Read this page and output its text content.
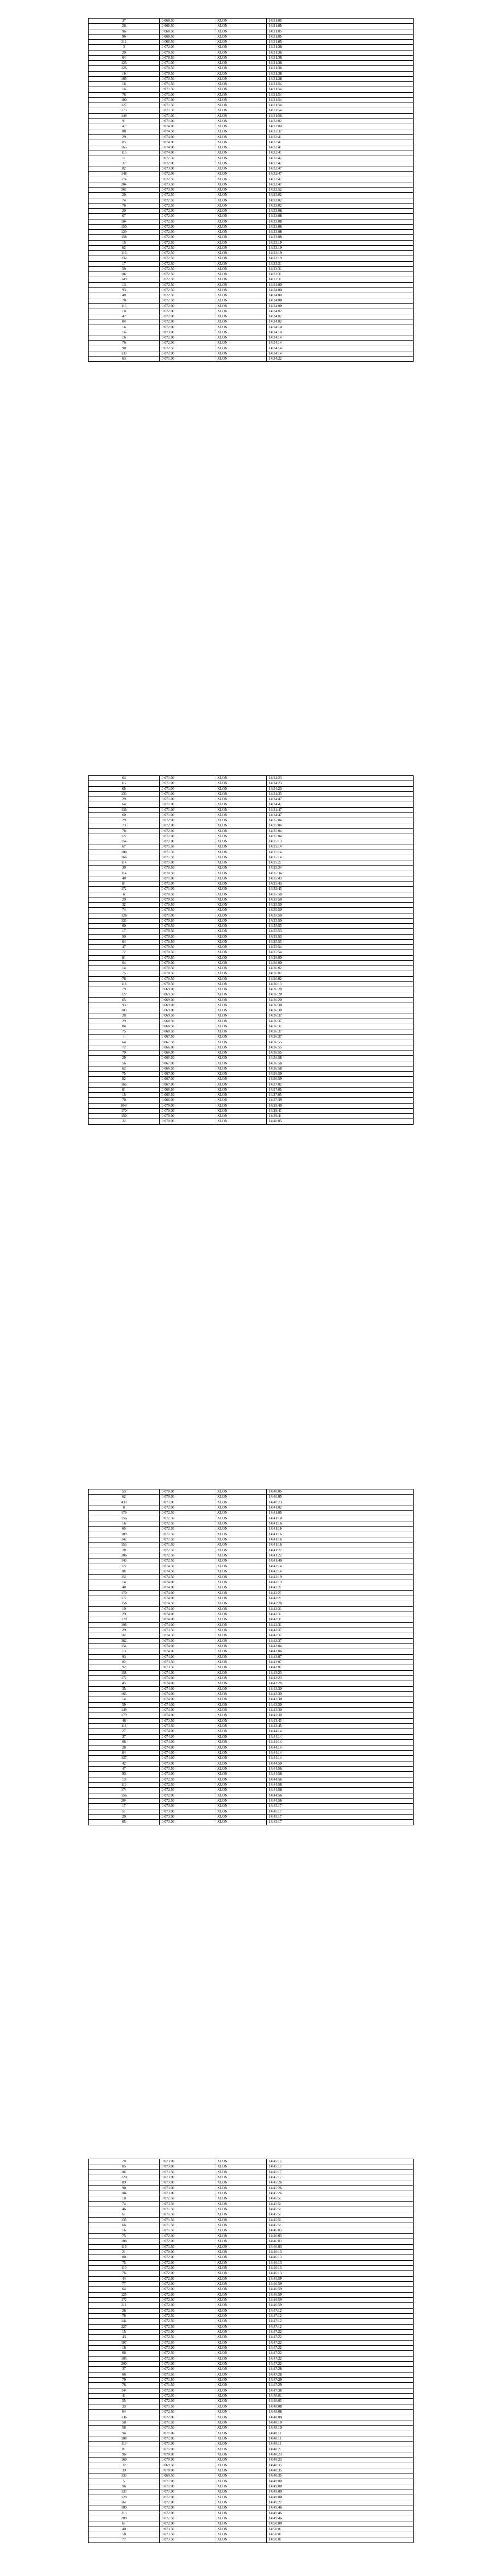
37	0.068.50	XLON	14:31:05
28	0.068.50	XLON	14:31:05
96	0.068.50	XLON	14:31:05
96	0.068.50	XLON	14:31:05
211	0.068.50	XLON	14:31:05
3	0.072.00	XLON	14:31:36
29	0.070.50	XLON	14:31:36
64	0.070.50	XLON	14:31:36
125	0.071.00	XLON	14:31:36
126	0.070.50	XLON	14:31:36
16	0.070.50	XLON	14:31:38
105	0.070.50	XLON	14:31:38
16	0.071.50	XLON	14:31:54
16	0.071.50	XLON	14:31:54
76	0.071.00	XLON	14:31:54
100	0.071.00	XLON	14:31:54
127	0.071.50	XLON	14:31:54
173	0.071.50	XLON	14:31:54
149	0.071.00	XLON	14:31:56
91	0.071.00	XLON	14:32:02
47	0.074.00	XLON	14:32:00
88	0.074.50	XLON	14:32:37
29	0.074.00	XLON	14:32:41
85	0.074.00	XLON	14:32:41
163	0.074.00	XLON	14:32:41
113	0.074.00	XLON	14:32:41
11	0.072.50	XLON	14:32:47
37	0.072.00	XLON	14:32:47
82	0.073.00	XLON	14:32:47
148	0.072.00	XLON	14:32:47
174	0.072.50	XLON	14:32:47
204	0.073.50	XLON	14:32:47
361	0.073.00	XLON	14:32:52
29	0.072.50	XLON	14:33:02
74	0.072.50	XLON	14:33:02
76	0.072.50	XLON	14:33:02
29	0.072.00	XLON	14:33:08
67	0.072.00	XLON	14:33:08
104	0.072.50	XLON	14:33:08
150	0.072.00	XLON	14:33:08
129	0.072.00	XLON	14:33:08
158	0.072.00	XLON	14:33:08
15	0.072.50	XLON	14:33:19
62	0.072.50	XLON	14:33:19
116	0.072.50	XLON	14:33:19
132	0.072.50	XLON	14:33:19
17	0.072.50	XLON	14:33:31
59	0.072.50	XLON	14:33:31
102	0.072.50	XLON	14:33:31
149	0.072.50	XLON	14:33:31
13	0.072.50	XLON	14:34:00
93	0.072.50	XLON	14:34:00
48	0.072.50	XLON	14:34:00
70	0.072.50	XLON	14:34:00
113	0.072.00	XLON	14:34:00
18	0.072.00	XLON	14:34:02
47	0.072.00	XLON	14:34:02
84	0.072.00	XLON	14:34:02
16	0.072.00	XLON	14:34:10
16	0.073.00	XLON	14:34:10
16	0.072.00	XLON	14:34:14
76	0.072.00	XLON	14:34:14
90	0.072.50	XLON	14:34:14
133	0.072.00	XLON	14:34:14
63	0.071.00	XLON	14:34:22
64	0.071.00	XLON	14:34:23
112	0.071.00	XLON	14:34:23
65	0.071.00	XLON	14:34:23
133	0.071.00	XLON	14:34:33
29	0.071.00	XLON	14:34:47
64	0.071.00	XLON	14:34:47
136	0.071.00	XLON	14:34:47
60	0.071.00	XLON	14:34:47
29	0.072.00	XLON	14:35:04
73	0.072.00	XLON	14:35:04
78	0.072.00	XLON	14:35:04
122	0.072.00	XLON	14:35:04
154	0.072.00	XLON	14:35:13
67	0.071.50	XLON	14:35:14
108	0.071.50	XLON	14:35:14
166	0.071.50	XLON	14:35:14
114	0.071.00	XLON	14:35:21
30	0.070.50	XLON	14:35:34
114	0.070.50	XLON	14:35:34
40	0.071.00	XLON	14:35:43
81	0.071.00	XLON	14:35:43
172	0.071.00	XLON	14:35:43
6	0.070.50	XLON	14:35:50
29	0.070.50	XLON	14:35:50
32	0.070.50	XLON	14:35:50
74	0.070.50	XLON	14:35:50
126	0.071.00	XLON	14:35:50
133	0.070.50	XLON	14:35:50
60	0.070.50	XLON	14:35:53
17	0.070.50	XLON	14:35:53
50	0.070.50	XLON	14:35:53
64	0.070.50	XLON	14:35:53
47	0.070.50	XLON	14:35:54
72	0.070.50	XLON	14:35:54
81	0.070.50	XLON	14:36:00
64	0.070.00	XLON	14:36:00
14	0.070.50	XLON	14:36:02
75	0.070.50	XLON	14:36:02
76	0.070.50	XLON	14:36:02
118	0.070.50	XLON	14:36:13
79	0.069.00	XLON	14:36:20
122	0.069.50	XLON	14:36:20
65	0.069.00	XLON	14:36:20
93	0.069.00	XLON	14:36:30
103	0.069.00	XLON	14:36:30
28	0.069.50	XLON	14:36:37
29	0.068.50	XLON	14:36:37
84	0.068.50	XLON	14:36:37
75	0.068.50	XLON	14:36:37
1	0.067.50	XLON	14:36:37
64	0.067.50	XLON	14:36:55
72	0.066.00	XLON	14:36:55
79	0.066.00	XLON	14:36:55
29	0.066.50	XLON	14:36:58
56	0.067.00	XLON	14:36:58
62	0.066.50	XLON	14:36:58
75	0.067.00	XLON	14:36:59
82	0.067.00	XLON	14:36:59
165	0.067.00	XLON	14:37:02
81	0.066.50	XLON	14:37:05
15	0.066.50	XLON	14:37:05
70	0.066.00	XLON	14:37:39
1044	0.070.00	XLON	14:39:40
170	0.070.00	XLON	14:39:41
150	0.070.00	XLON	14:39:41
32	0.070.00	XLON	14:40:05
53	0.070.00	XLON	14:40:05
62	0.070.00	XLON	14:40:05
433	0.071.00	XLON	14:40:23
8	0.072.00	XLON	14:41:02
179	0.072.50	XLON	14:41:05
156	0.072.50	XLON	14:41:10
16	0.072.50	XLON	14:41:16
65	0.072.50	XLON	14:41:16
109	0.071.50	XLON	14:41:16
142	0.071.50	XLON	14:41:16
153	0.071.50	XLON	14:41:16
28	0.072.50	XLON	14:41:22
206	0.072.50	XLON	14:41:22
143	0.072.50	XLON	14:41:40
122	0.074.50	XLON	14:42:14
101	0.074.50	XLON	14:42:14
151	0.074.50	XLON	14:42:19
14	0.074.00	XLON	14:42:19
40	0.074.00	XLON	14:42:21
170	0.074.00	XLON	14:42:21
172	0.074.00	XLON	14:42:21
358	0.074.50	XLON	14:42:28
19	0.074.00	XLON	14:42:31
29	0.074.00	XLON	14:42:31
178	0.074.00	XLON	14:42:31
196	0.074.00	XLON	14:42:31
29	0.073.50	XLON	14:42:37
161	0.074.50	XLON	14:42:37
362	0.073.00	XLON	14:42:37
154	0.074.00	XLON	14:43:04
13	0.074.00	XLON	14:43:06
93	0.074.00	XLON	14:43:07
82	0.073.50	XLON	14:43:07
92	0.073.50	XLON	14:43:07
158	0.074.00	XLON	14:43:23
172	0.074.00	XLON	14:43:23
45	0.074.00	XLON	14:43:28
35	0.074.00	XLON	14:43:30
165	0.074.00	XLON	14:43:30
14	0.074.00	XLON	14:43:30
59	0.074.00	XLON	14:43:30
149	0.074.00	XLON	14:43:30
179	0.074.00	XLON	14:43:30
46	0.073.50	XLON	14:43:43
118	0.073.50	XLON	14:43:45
27	0.074.00	XLON	14:44:14
37	0.074.00	XLON	14:44:14
66	0.074.00	XLON	14:44:14
28	0.074.00	XLON	14:44:14
84	0.074.00	XLON	14:44:14
137	0.074.00	XLON	14:44:14
42	0.073.00	XLON	14:44:50
47	0.073.50	XLON	14:44:56
93	0.073.00	XLON	14:44:56
13	0.072.50	XLON	14:44:56
113	0.072.50	XLON	14:44:56
174	0.072.50	XLON	14:44:56
156	0.072.00	XLON	14:44:56
204	0.072.50	XLON	14:44:56
17	0.073.00	XLON	14:45:17
51	0.073.00	XLON	14:45:17
29	0.073.00	XLON	14:45:17
65	0.073.00	XLON	14:45:17
78	0.073.00	XLON	14:45:17
85	0.073.00	XLON	14:45:17
107	0.073.50	XLON	14:45:17
120	0.073.00	XLON	14:45:17
89	0.073.00	XLON	14:45:26
90	0.073.00	XLON	14:45:26
104	0.073.00	XLON	14:45:26
18	0.072.50	XLON	14:45:51
74	0.073.50	XLON	14:45:51
46	0.071.50	XLON	14:45:51
61	0.071.50	XLON	14:45:51
135	0.071.50	XLON	14:45:51
66	0.071.50	XLON	14:45:51
16	0.071.50	XLON	14:46:03
75	0.072.00	XLON	14:46:03
108	0.072.00	XLON	14:46:03
116	0.071.50	XLON	14:46:03
21	0.070.00	XLON	14:46:13
80	0.072.00	XLON	14:46:13
75	0.072.00	XLON	14:46:13
110	0.072.00	XLON	14:46:13
76	0.072.00	XLON	14:46:13
44	0.072.00	XLON	14:46:59
77	0.072.00	XLON	14:46:59
64	0.072.00	XLON	14:46:59
125	0.072.00	XLON	14:46:59
172	0.072.00	XLON	14:46:59
211	0.072.00	XLON	14:46:59
26	0.072.00	XLON	14:47:12
76	0.072.50	XLON	14:47:12
144	0.072.50	XLON	14:47:12
227	0.072.50	XLON	14:47:12
15	0.071.00	XLON	14:47:22
43	0.072.50	XLON	14:47:22
107	0.072.50	XLON	14:47:22
16	0.073.00	XLON	14:47:22
68	0.072.50	XLON	14:47:22
105	0.072.00	XLON	14:47:22
200	0.071.00	XLON	14:47:22
37	0.072.00	XLON	14:47:28
66	0.071.50	XLON	14:47:28
79	0.071.50	XLON	14:47:29
76	0.071.50	XLON	14:47:29
144	0.072.00	XLON	14:47:38
41	0.072.00	XLON	14:48:01
55	0.072.00	XLON	14:48:03
33	0.071.50	XLON	14:48:08
64	0.072.50	XLON	14:48:08
136	0.072.00	XLON	14:48:08
58	0.071.50	XLON	14:48:10
58	0.071.50	XLON	14:48:10
94	0.071.00	XLON	14:48:11
108	0.071.00	XLON	14:48:11
119	0.071.00	XLON	14:48:11
81	0.071.00	XLON	14:48:21
96	0.070.00	XLON	14:48:23
160	0.070.00	XLON	14:48:23
32	0.069.50	XLON	14:48:35
39	0.070.00	XLON	14:48:35
133	0.069.50	XLON	14:48:35
5	0.071.00	XLON	14:49:00
96	0.071.00	XLON	14:49:00
133	0.071.00	XLON	14:49:00
120	0.072.00	XLON	14:49:00
161	0.072.00	XLON	14:49:22
109	0.072.00	XLON	14:49:46
213	0.072.00	XLON	14:49:46
209	0.072.50	XLON	14:49:46
61	0.072.00	XLON	14:50:00
40	0.073.50	XLON	14:50:01
58	0.073.50	XLON	14:50:01
77	0.073.50	XLON	14:50:01
